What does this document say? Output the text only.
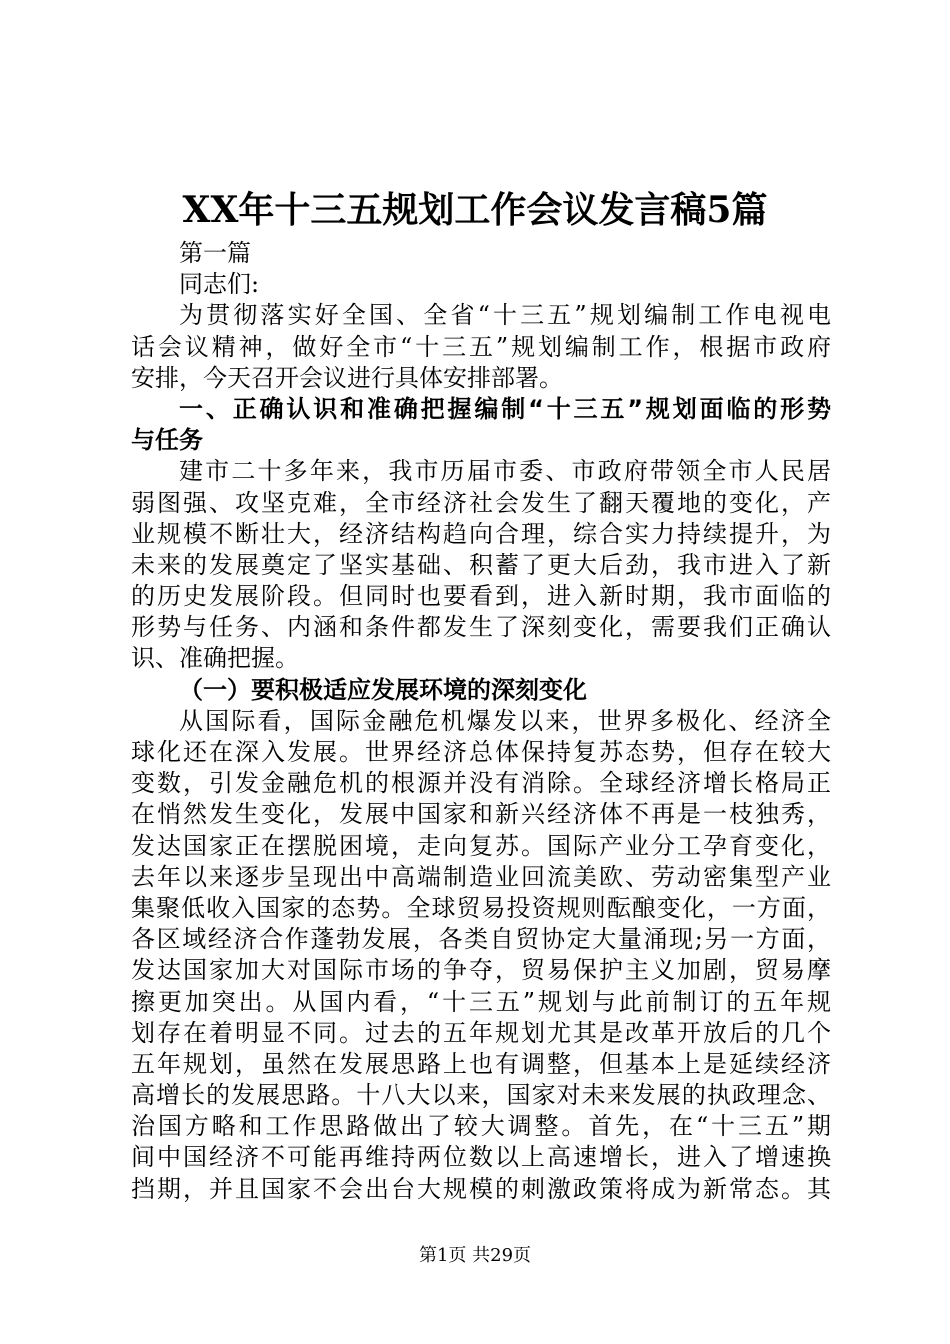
XX年十三五规划工作会议发言稿5篇
第一篇
同志们:
为贯彻落实好全国、全省“十三五”规划编制工作电视电
话会议精神，做好全市“十三五”规划编制工作，根据市政府
安排，今天召开会议进行具体安排部署。
一、正确认识和准确把握编制“十三五”规划面临的形势
与任务
建市二十多年来，我市历届市委、市政府带领全市人民居
弱图强、攻坚克难，全市经济社会发生了翻天覆地的变化，产
业规模不断壮大，经济结构趋向合理，综合实力持续提升，为
未来的发展奠定了坚实基础、积蓄了更大后劲，我市进入了新
的历史发展阶段。但同时也要看到，进入新时期，我市面临的
形势与任务、内涵和条件都发生了深刻变化，需要我们正确认
识、准确把握。
（一）要积极适应发展环境的深刻变化
从国际看，国际金融危机爆发以来，世界多极化、经济全
球化还在深入发展。世界经济总体保持复苏态势，但存在较大
变数，引发金融危机的根源并没有消除。全球经济增长格局正
在悄然发生变化，发展中国家和新兴经济体不再是一枝独秀，
发达国家正在摆脱困境，走向复苏。国际产业分工孕育变化，
去年以来逐步呈现出中高端制造业回流美欧、劳动密集型产业
集聚低收入国家的态势。全球贸易投资规则酝酿变化，一方面，
各区域经济合作蓬勃发展，各类自贸协定大量涌现;另一方面，
发达国家加大对国际市场的争夺，贸易保护主义加剧，贸易摩
擦更加突出。从国内看，“十三五”规划与此前制订的五年规
划存在着明显不同。过去的五年规划尤其是改革开放后的几个
五年规划，虽然在发展思路上也有调整，但基本上是延续经济
高增长的发展思路。十八大以来，国家对未来发展的执政理念、
治国方略和工作思路做出了较大调整。首先，在“十三五”期
间中国经济不可能再维持两位数以上高速增长，进入了增速换
挡期，并且国家不会出台大规模的刺激政策将成为新常态。其
第1页 共29页
